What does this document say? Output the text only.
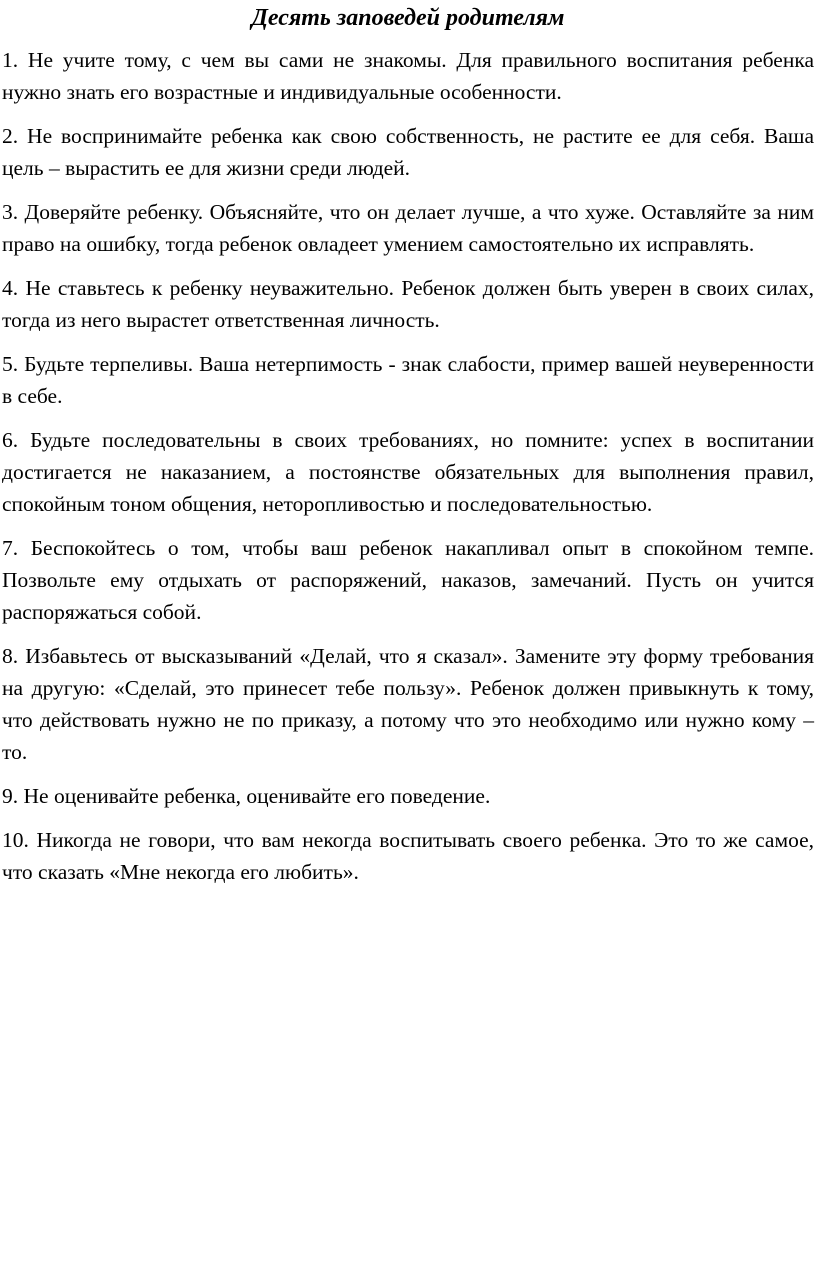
Десять заповедей родителям

1. Не учите тому, с чем вы сами не знакомы. Для правильного воспитания ребенка нужно знать его возрастные и индивидуальные особенности.

2. Не воспринимайте ребенка как свою собственность, не растите ее для себя. Ваша цель – вырастить ее для жизни среди людей.

3. Доверяйте ребенку. Объясняйте, что он делает лучше, а что хуже. Оставляйте за ним право на ошибку, тогда ребенок овладеет умением самостоятельно их исправлять.

4. Не ставьтесь к ребенку неуважительно. Ребенок должен быть уверен в своих силах, тогда из него вырастет ответственная личность.

5. Будьте терпеливы. Ваша нетерпимость - знак слабости, пример вашей неуверенности в себе.

6. Будьте последовательны в своих требованиях, но помните: успех в воспитании достигается не наказанием, а постоянстве обязательных для выполнения правил, спокойным тоном общения, неторопливостью и последовательностью.

7. Беспокойтесь о том, чтобы ваш ребенок накапливал опыт в спокойном темпе. Позвольте ему отдыхать от распоряжений, наказов, замечаний. Пусть он учится распоряжаться собой.

8. Избавьтесь от высказываний «Делай, что я сказал». Замените эту форму требования на другую: «Сделай, это принесет тебе пользу». Ребенок должен привыкнуть к тому, что действовать нужно не по приказу, а потому что это необходимо или нужно кому – то.

9. Не оценивайте ребенка, оценивайте его поведение.

10. Никогда не говори, что вам некогда воспитывать своего ребенка. Это то же самое, что сказать «Мне некогда его любить».
